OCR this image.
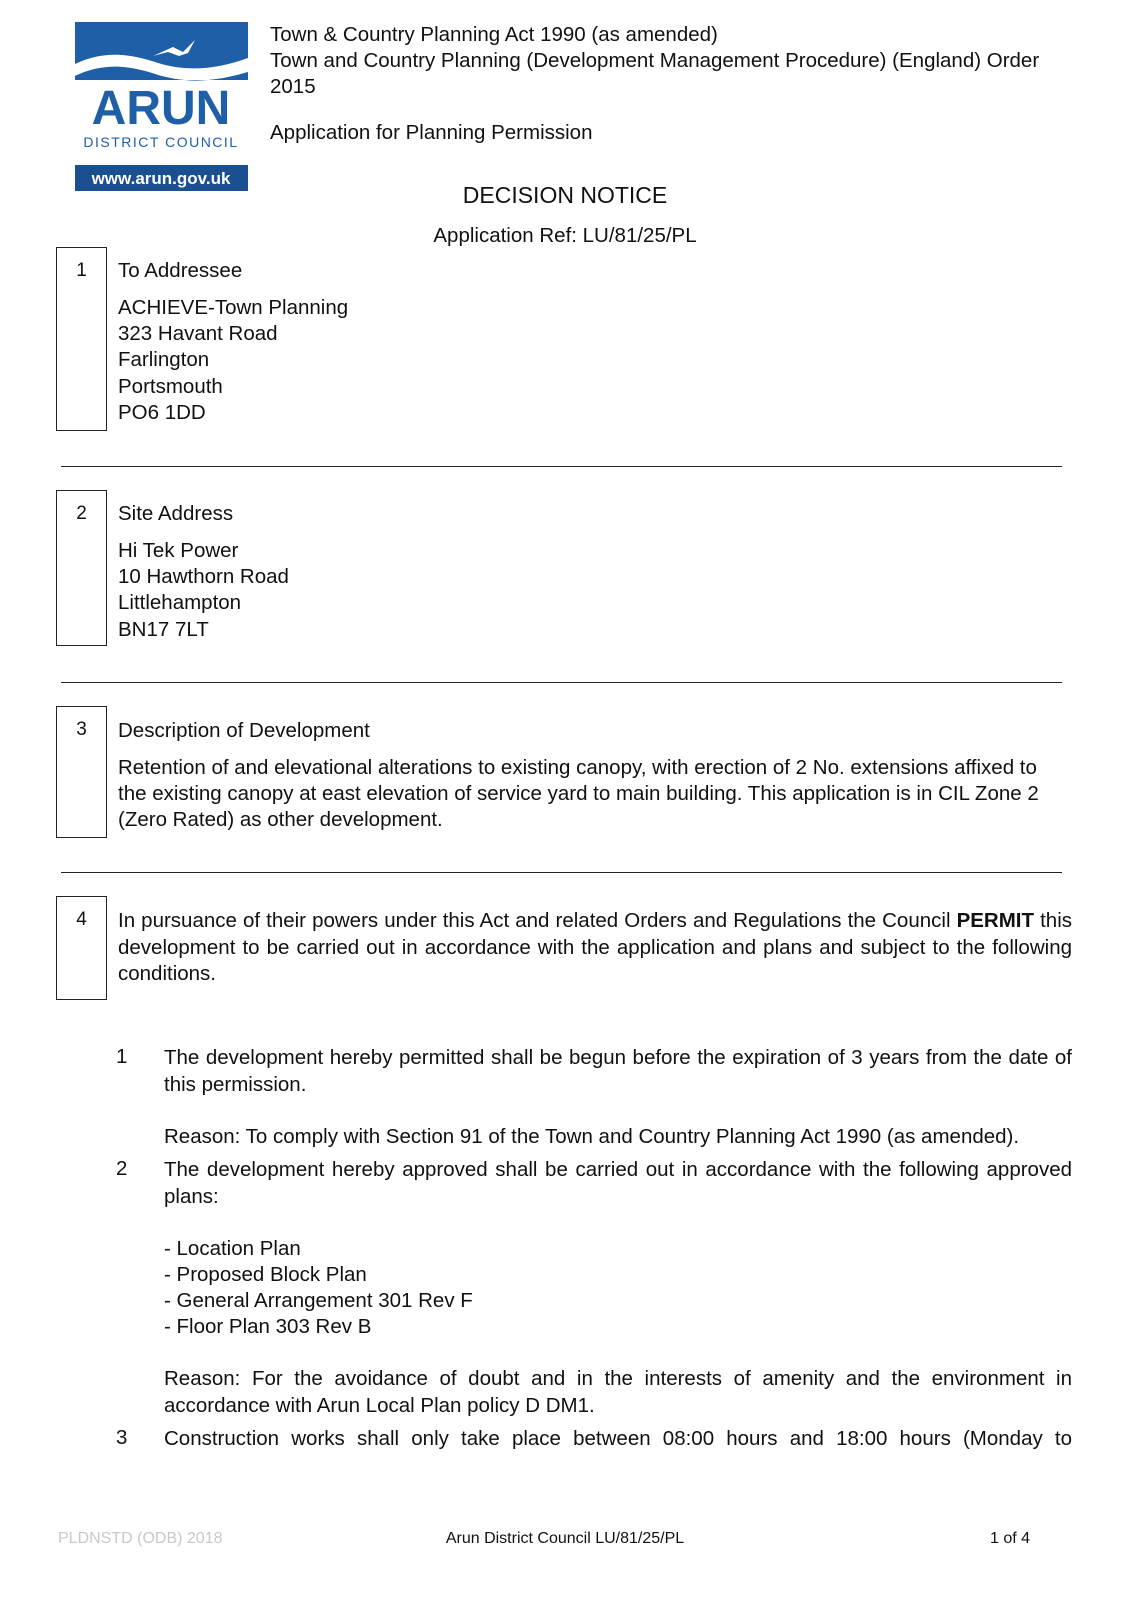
ARUN
DISTRICT COUNCIL
www.arun.gov.uk
Town & Country Planning Act 1990 (as amended)
Town and Country Planning (Development Management Procedure) (England) Order
2015
Application for Planning Permission
DECISION NOTICE
Application Ref: LU/81/25/PL
1	To Addressee
ACHIEVE-Town Planning
323 Havant Road
Farlington
Portsmouth
PO6 1DD
2	Site Address
Hi Tek Power
10 Hawthorn Road
Littlehampton
BN17 7LT
3	Description of Development
Retention of and elevational alterations to existing canopy, with erection of 2 No. extensions affixed to the existing canopy at east elevation of service yard to main building. This application is in CIL Zone 2 (Zero Rated) as other development.
4	In pursuance of their powers under this Act and related Orders and Regulations the Council PERMIT this development to be carried out in accordance with the application and plans and subject to the following conditions.
1 The development hereby permitted shall be begun before the expiration of 3 years from the date of this permission.
Reason: To comply with Section 91 of the Town and Country Planning Act 1990 (as amended).
2 The development hereby approved shall be carried out in accordance with the following approved plans:
- Location Plan
- Proposed Block Plan
- General Arrangement 301 Rev F
- Floor Plan 303 Rev B
Reason: For the avoidance of doubt and in the interests of amenity and the environment in accordance with Arun Local Plan policy D DM1.
3 Construction works shall only take place between 08:00 hours and 18:00 hours (Monday to
PLDNSTD (ODB) 2018	Arun District Council LU/81/25/PL	1 of 4
